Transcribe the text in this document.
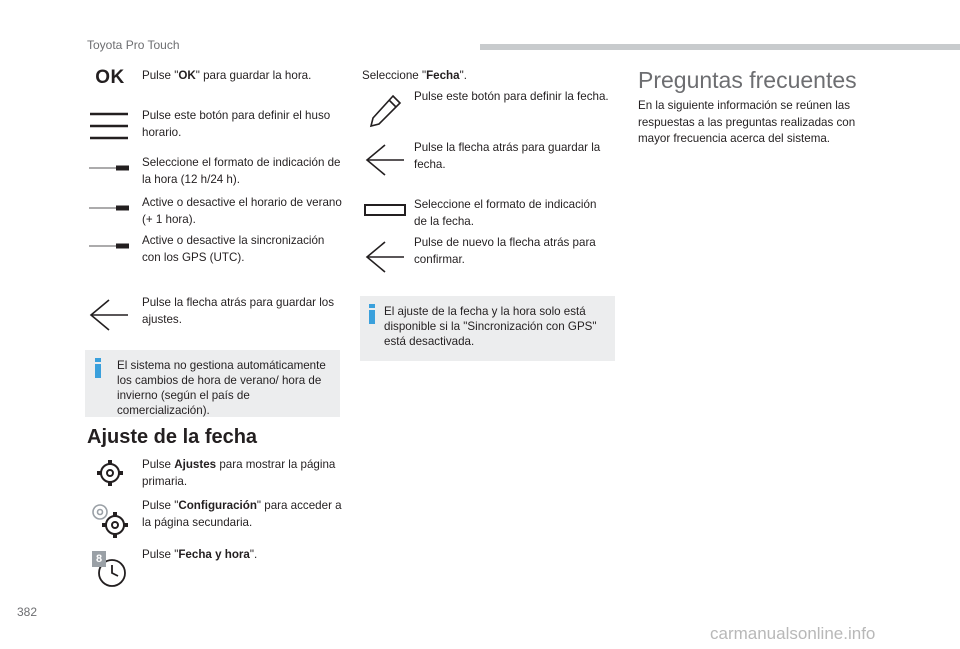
Toyota Pro Touch
OK Pulse "OK" para guardar la hora.
Pulse este botón para definir el huso horario.
Seleccione el formato de indicación de la hora (12 h/24 h).
Active o desactive el horario de verano (+ 1 hora).
Active o desactive la sincronización con los GPS (UTC).
Pulse la flecha atrás para guardar los ajustes.
El sistema no gestiona automáticamente los cambios de hora de verano/ hora de invierno (según el país de comercialización).
Ajuste de la fecha
Pulse Ajustes para mostrar la página primaria.
Pulse "Configuración" para acceder a la página secundaria.
8	Pulse "Fecha y hora".
Seleccione "Fecha".
Pulse este botón para definir la fecha.
Pulse la flecha atrás para guardar la fecha.
Seleccione el formato de indicación de la fecha.
Pulse de nuevo la flecha atrás para confirmar.
El ajuste de la fecha y la hora solo está disponible si la "Sincronización con GPS" está desactivada.
Preguntas frecuentes
En la siguiente información se reúnen las respuestas a las preguntas realizadas con mayor frecuencia acerca del sistema.
382
carmanualsonline.info
